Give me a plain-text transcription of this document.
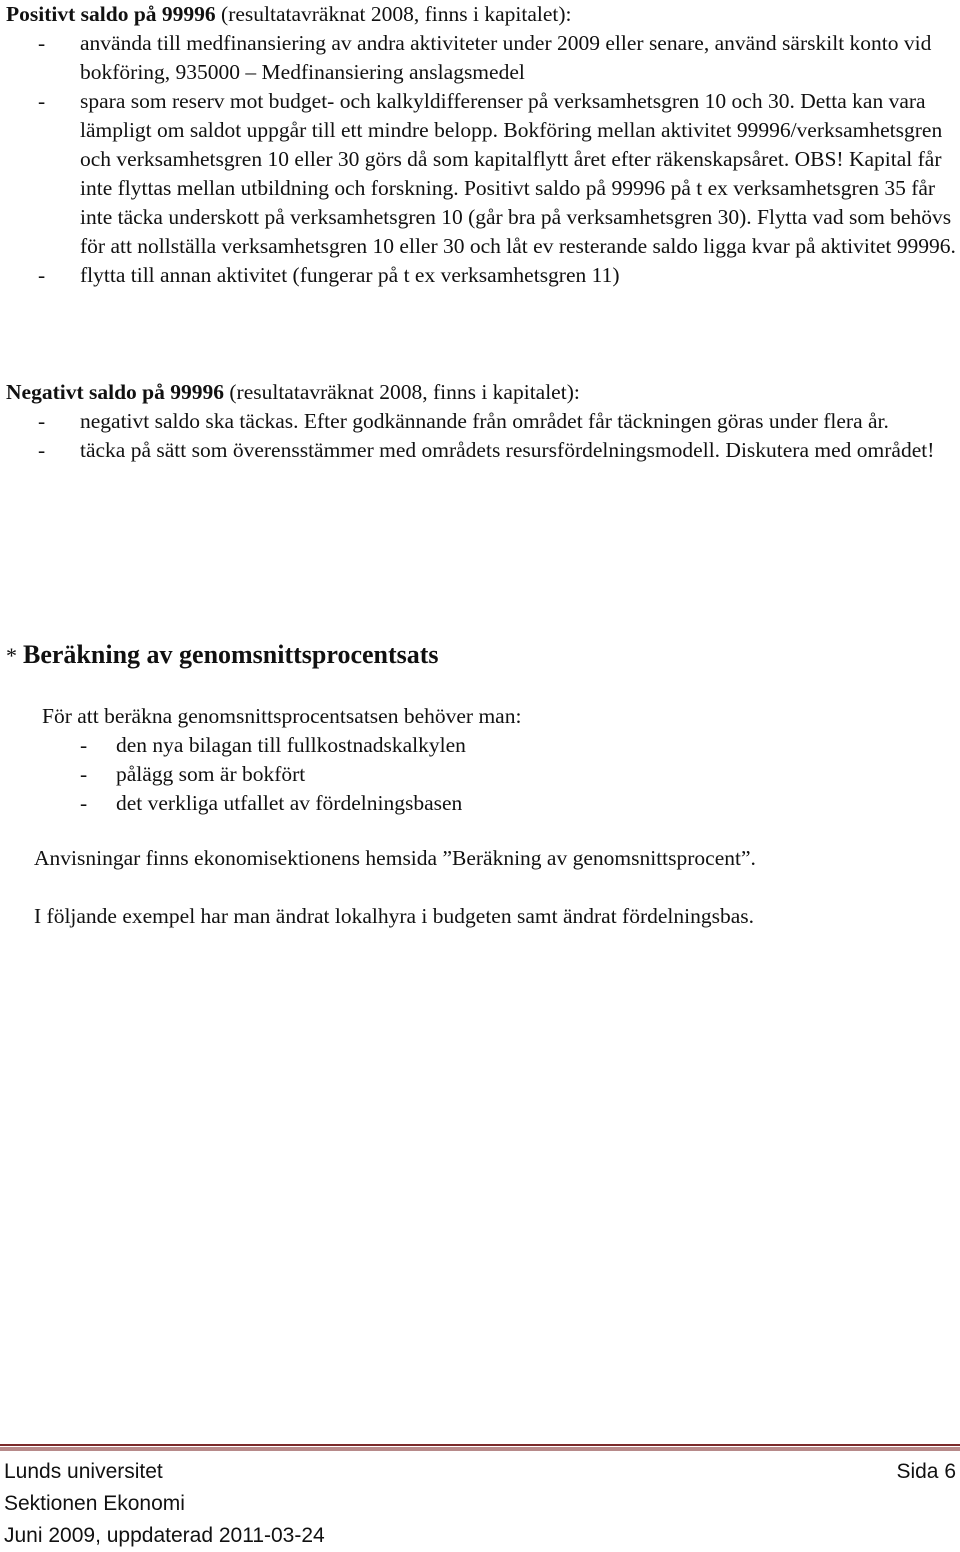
Positivt saldo på 99996 (resultatavräknat 2008, finns i kapitalet):

- använda till medfinansiering av andra aktiviteter under 2009 eller senare, använd särskilt konto vid bokföring, 935000 – Medfinansiering anslagsmedel

- spara som reserv mot budget- och kalkyldifferenser på verksamhetsgren 10 och 30. Detta kan vara lämpligt om saldot uppgår till ett mindre belopp. Bokföring mellan aktivitet 99996/verksamhetsgren och verksamhetsgren 10 eller 30 görs då som kapitalflytt året efter räkenskapsåret. OBS! Kapital får inte flyttas mellan utbildning och forskning. Positivt saldo på 99996 på t ex verksamhetsgren 35 får inte täcka underskott på verksamhetsgren 10 (går bra på verksamhetsgren 30). Flytta vad som behövs för att nollställa verksamhetsgren 10 eller 30 och låt ev resterande saldo ligga kvar på aktivitet 99996.

- flytta till annan aktivitet (fungerar på t ex verksamhetsgren 11)

Negativt saldo på 99996 (resultatavräknat 2008, finns i kapitalet):

- negativt saldo ska täckas. Efter godkännande från området får täckningen göras under flera år.

- täcka på sätt som överensstämmer med områdets resursfördelningsmodell. Diskutera med området!

* Beräkning av genomsnittsprocentsats

För att beräkna genomsnittsprocentsatsen behöver man:

- den nya bilagan till fullkostnadskalkylen

- pålägg som är bokfört

- det verkliga utfallet av fördelningsbasen

Anvisningar finns ekonomisektionens hemsida ”Beräkning av genomsnittsprocent”.

I följande exempel har man ändrat lokalhyra i budgeten samt ändrat fördelningsbas.

Lunds universitet
Sektionen Ekonomi
Juni 2009, uppdaterad 2011-03-24
Sida 6
